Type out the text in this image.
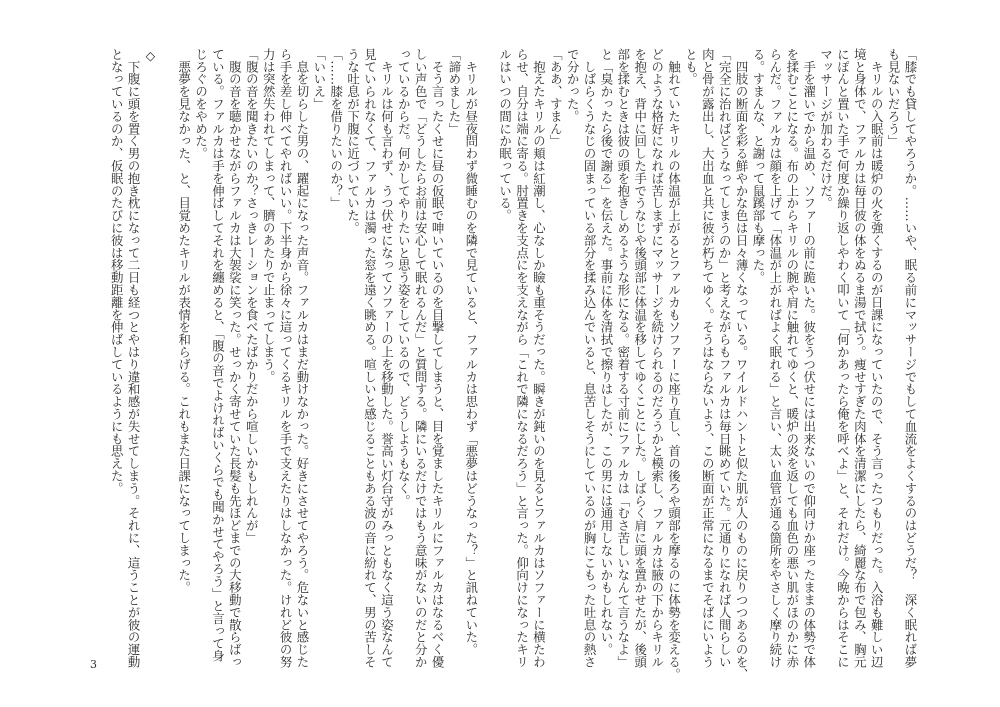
「膝でも貸してやろうか。……いや、眠る前にマッサージでもして血流をよくするのはどうだ？　深く眠れば夢
も見ないだろう」
　キリルの入眠前は暖炉の火を強くするのが日課になっていたので、そう言ったつもりだった。入浴も難しい辺
境と身体で、ファルカは毎日彼の体をぬるま湯で拭う。痩せすぎた肉体を清潔にしたら、綺麗な布で包み、胸元
にぽんと置いた手で何度か繰り返しやわく叩いて「何かあったら俺を呼べよ」と、それだけ。今晩からはそこに
マッサージが加わるだけだ。
　手を濯いでから温め、ソファーの前に跪いた。彼をうつ伏せには出来ないので仰向けか座ったままの体勢で体
を揉むことになる。布の上からキリルの腕や肩に触れてゆくと、暖炉の炎を返しても血色の悪い肌がほのかに赤
らんだ。ファルカは顔を上げて「体温が上がればよく眠れる」と言い、太い血管が通る箇所をやさしく摩り続け
る。すまんな、と謝って鼠蹊部も摩った。
　四肢の断面を彩る鮮やかな色は日々薄くなっている。ワイルドハントと似た肌が人のものに戻りつつあるのを、
「完全に治ればどうなってしまうのか」と考えながらもファルカは毎日眺めていた。元通りになれば人間らしい
肉と骨が露出し、大出血と共に彼が朽ちてゆく。そうはならないよう、この断面が正常になるまでそばにいよう
とも。
　触れていたキリルの体温が上がるとファルカもソファーに座り直し、首の後ろや頭部を摩るのに体勢を変える。
どのような格好になれば苦しまずにマッサージを続けられるのだろうかと模索し、ファルカは腋の下からキリル
を抱え、背中に回した手でうなじや後頭部に体温を移してゆくことにした。しばらく肩に頭を置かせたが、後頭
部を揉むときは彼の頭を抱きしめるような形になる。密着する寸前にファルカは「むさ苦しいなんて言うなよ」
と「臭かったら後で謝る」を伝えた。事前に体を清拭で擦りはしたが、この男には通用しないかもしれない。
　しばらくうなじの固まっている部分を揉み込んでいると、息苦しそうにしているのが胸にこもった吐息の熱さ
で分かった。
「ああ、すまん」
　抱えたキリルの頬は紅潮し、心なしか瞼も重そうだった。瞬きが鈍いのを見るとファルカはソファーに横たわ
らせ、自分は端に寄る。肘置きを支点にを支えながら「これで隣になるだろう」と言った。仰向けになったキリ
ルはいつの間にか眠っている。
　キリルが昼夜問わず微睡むのを隣で見ていると、ファルカは思わず「悪夢はどうなった？」と訊ねていた。
「諦めました」
　そう言ったくせに昼の仮眠で呻いているのを目撃してしまうと、目を覚ましたキリルにファルカはなるべく優
しい声色で「どうしたらお前は安心して眠れるんだ」と質問する。隣にいるだけではもう意味がないのだと分か
っているからだ。何かしてやりたいと思う姿をしているので、どうしようもなく。
　キリルは何も言わず、うつ伏せになってソファーの上を移動した。誉高い灯台守がみっともなく這う姿なんて
見ていられなくて、ファルカは濁った窓を遠く眺める。喧しいと感じることもある波の音に紛れて、男の苦しそ
うな吐息が下腹に近づいていた。
「……膝を借りたいのか？」
「いいえ」
　息を切らした男の、躍起になった声音。ファルカはまだ動けなかった。好きにさせてやろう。危ないと感じた
ら手を差し伸べてやればいい。下半身から徐々に這ってくるキリルを手で支えたりはしなかった。けれど彼の努
力は突然失われてしまって、臍のあたりで止まってしまう。
「腹の音を聞きたいのか？さっきレーションを食べたばかりだから喧しいかもしれんが」
　腹の音を聴かせながらファルカは大袈裟に笑った。せっかく寄せていた長髪も先ほどまでの大移動で散らばっ
ている。ファルカは手を伸ばしてそれを纏めると、「腹の音でよければいくらでも聞かせてやろう」と言って身
じろぐのをやめた。
　悪夢を見なかった、と、目覚めたキリルが表情を和らげる。これもまた日課になってしまった。
◇
　下腹に頭を置く男の抱き枕になって二日も経つとやはり違和感が失せてしまう。それに、這うことが彼の運動
となっているのか、仮眠のたびに彼は移動距離を伸ばしているようにも思えた。
3
